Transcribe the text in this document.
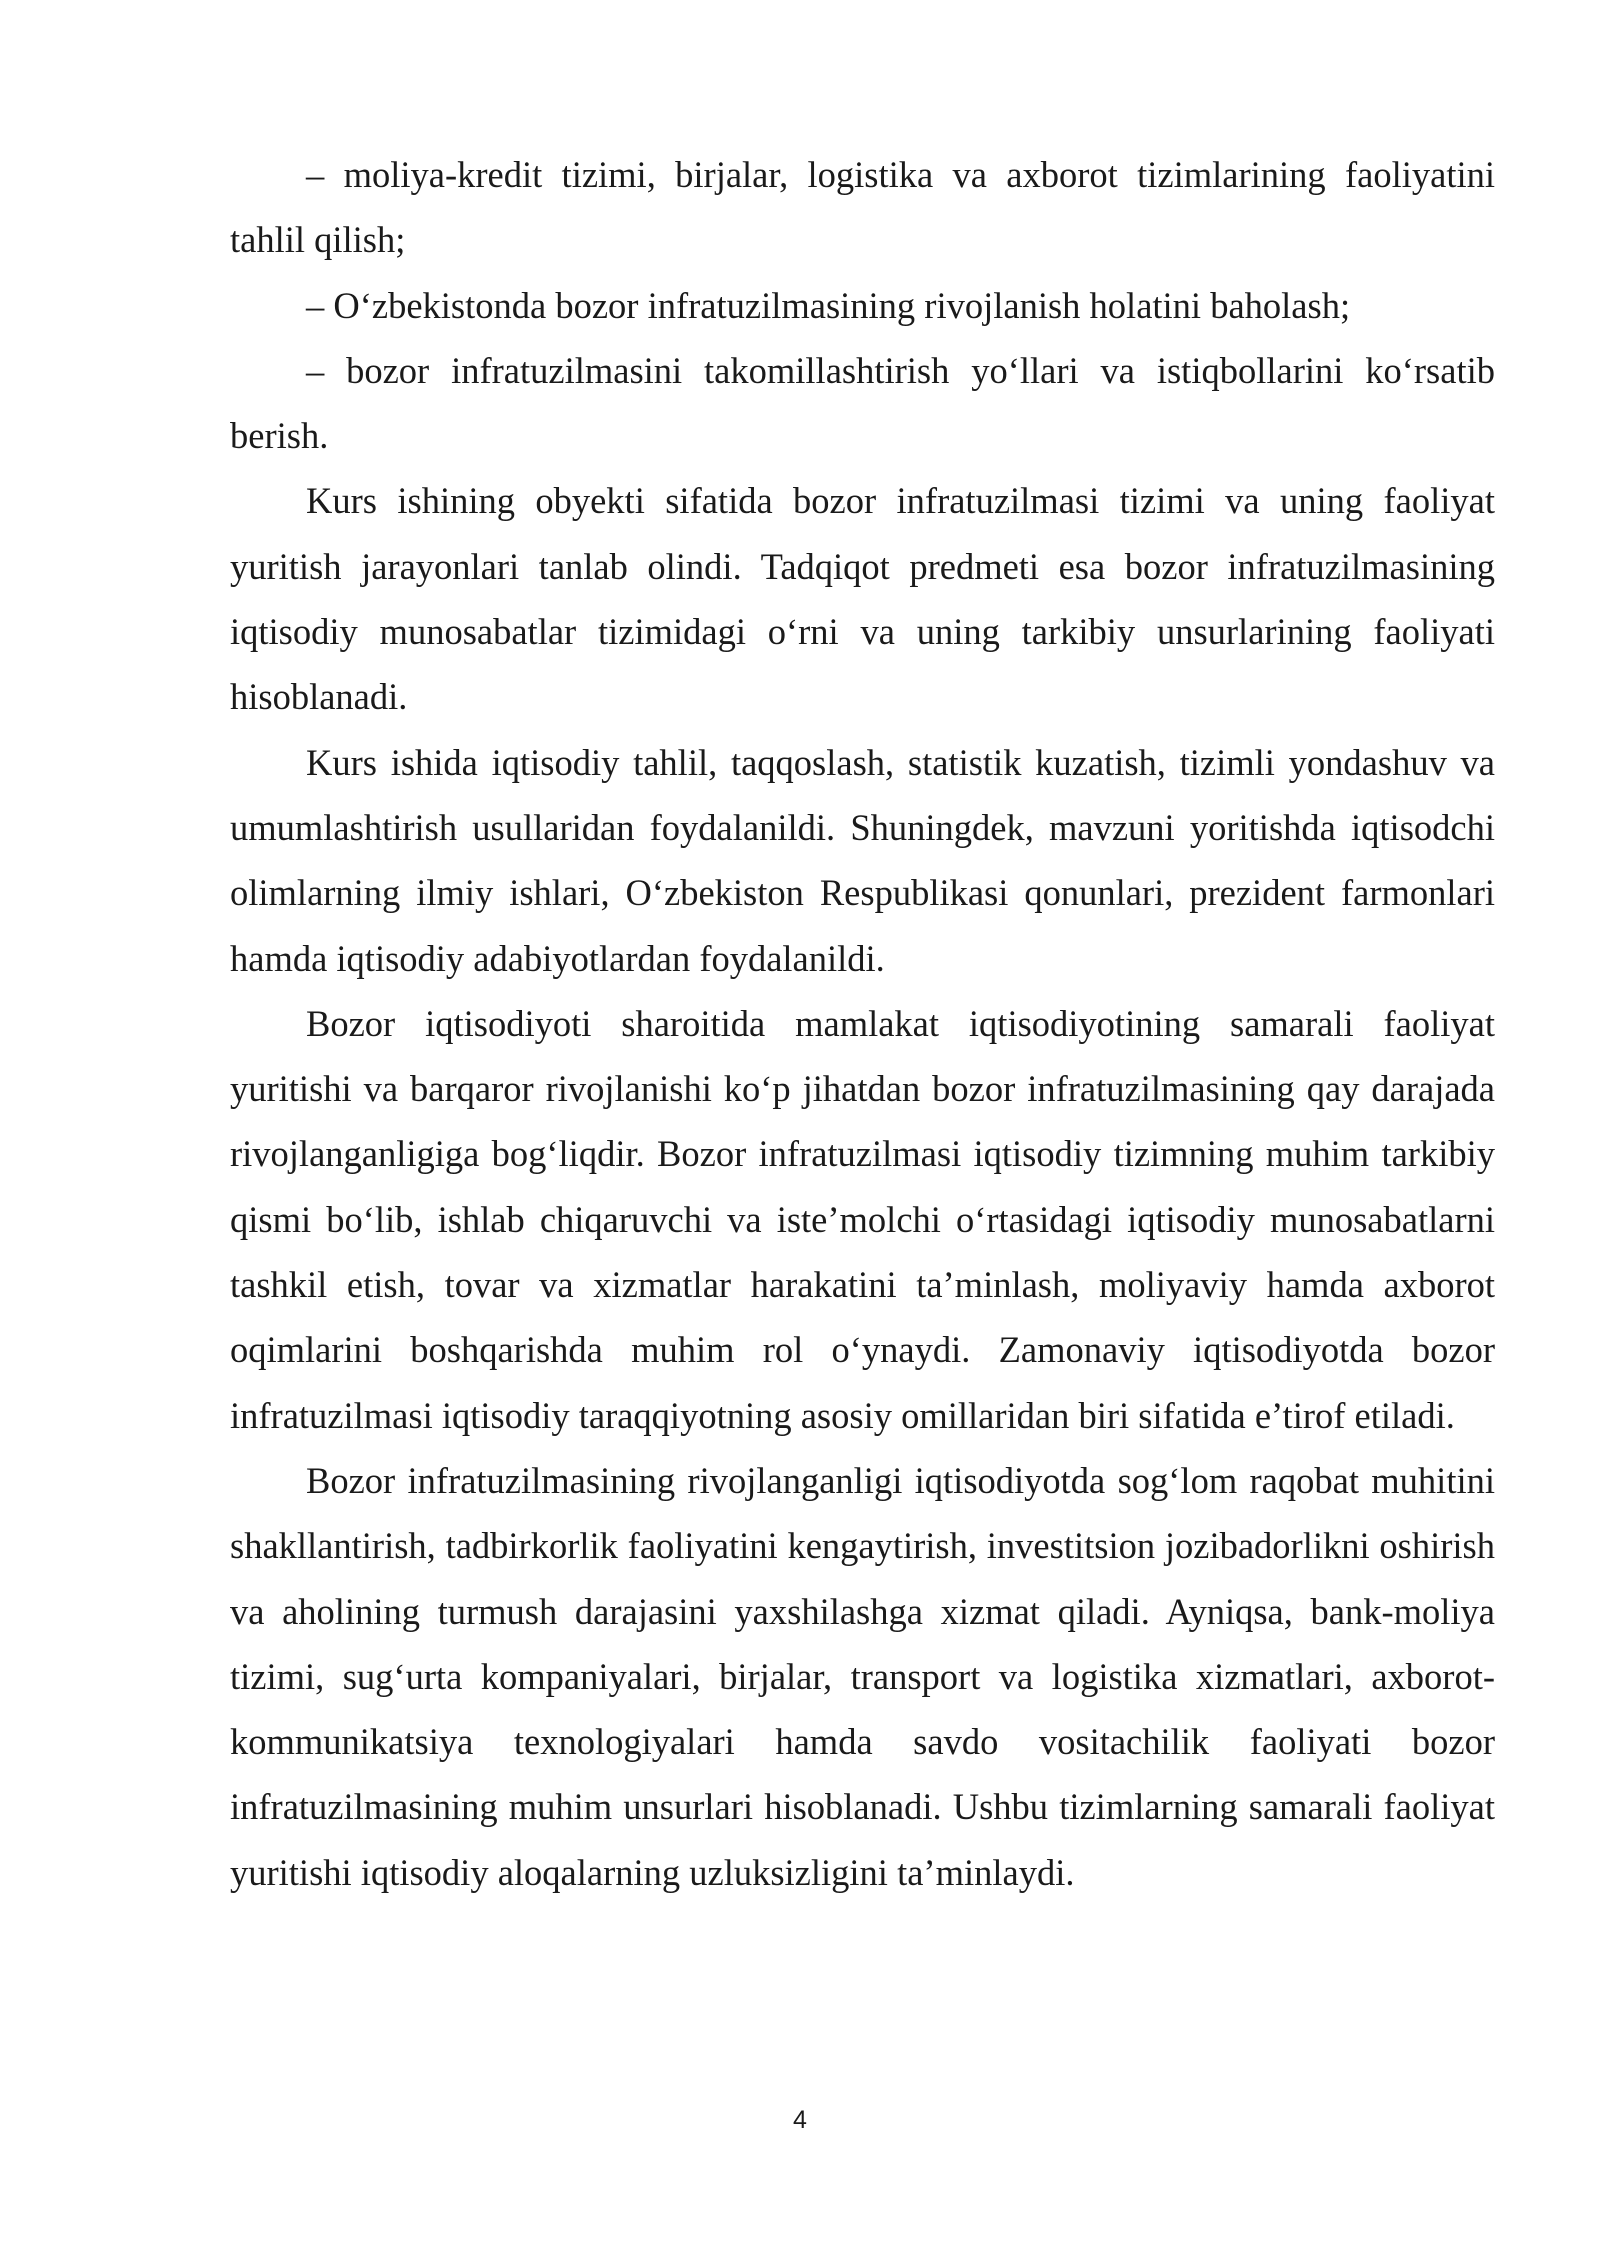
– moliya-kredit tizimi, birjalar, logistika va axborot tizimlarining faoliyatini tahlil qilish;

– O‘zbekistonda bozor infratuzilmasining rivojlanish holatini baholash;

– bozor infratuzilmasini takomillashtirish yo‘llari va istiqbollarini ko‘rsatib berish.

Kurs ishining obyekti sifatida bozor infratuzilmasi tizimi va uning faoliyat yuritish jarayonlari tanlab olindi. Tadqiqot predmeti esa bozor infratuzilmasining iqtisodiy munosabatlar tizimidagi o‘rni va uning tarkibiy unsurlarining faoliyati hisoblanadi.

Kurs ishida iqtisodiy tahlil, taqqoslash, statistik kuzatish, tizimli yondashuv va umumlashtirish usullaridan foydalanildi. Shuningdek, mavzuni yoritishda iqtisodchi olimlarning ilmiy ishlari, O‘zbekiston Respublikasi qonunlari, prezident farmonlari hamda iqtisodiy adabiyotlardan foydalanildi.

Bozor iqtisodiyoti sharoitida mamlakat iqtisodiyotining samarali faoliyat yuritishi va barqaror rivojlanishi ko‘p jihatdan bozor infratuzilmasining qay darajada rivojlanganligiga bog‘liqdir. Bozor infratuzilmasi iqtisodiy tizimning muhim tarkibiy qismi bo‘lib, ishlab chiqaruvchi va iste’molchi o‘rtasidagi iqtisodiy munosabatlarni tashkil etish, tovar va xizmatlar harakatini ta’minlash, moliyaviy hamda axborot oqimlarini boshqarishda muhim rol o‘ynaydi. Zamonaviy iqtisodiyotda bozor infratuzilmasi iqtisodiy taraqqiyotning asosiy omillaridan biri sifatida e’tirof etiladi.

Bozor infratuzilmasining rivojlanganligi iqtisodiyotda sog‘lom raqobat muhitini shakllantirish, tadbirkorlik faoliyatini kengaytirish, investitsion jozibadorlikni oshirish va aholining turmush darajasini yaxshilashga xizmat qiladi. Ayniqsa, bank-moliya tizimi, sug‘urta kompaniyalari, birjalar, transport va logistika xizmatlari, axborot-kommunikatsiya texnologiyalari hamda savdo vositachilik faoliyati bozor infratuzilmasining muhim unsurlari hisoblanadi. Ushbu tizimlarning samarali faoliyat yuritishi iqtisodiy aloqalarning uzluksizligini ta’minlaydi.

4
